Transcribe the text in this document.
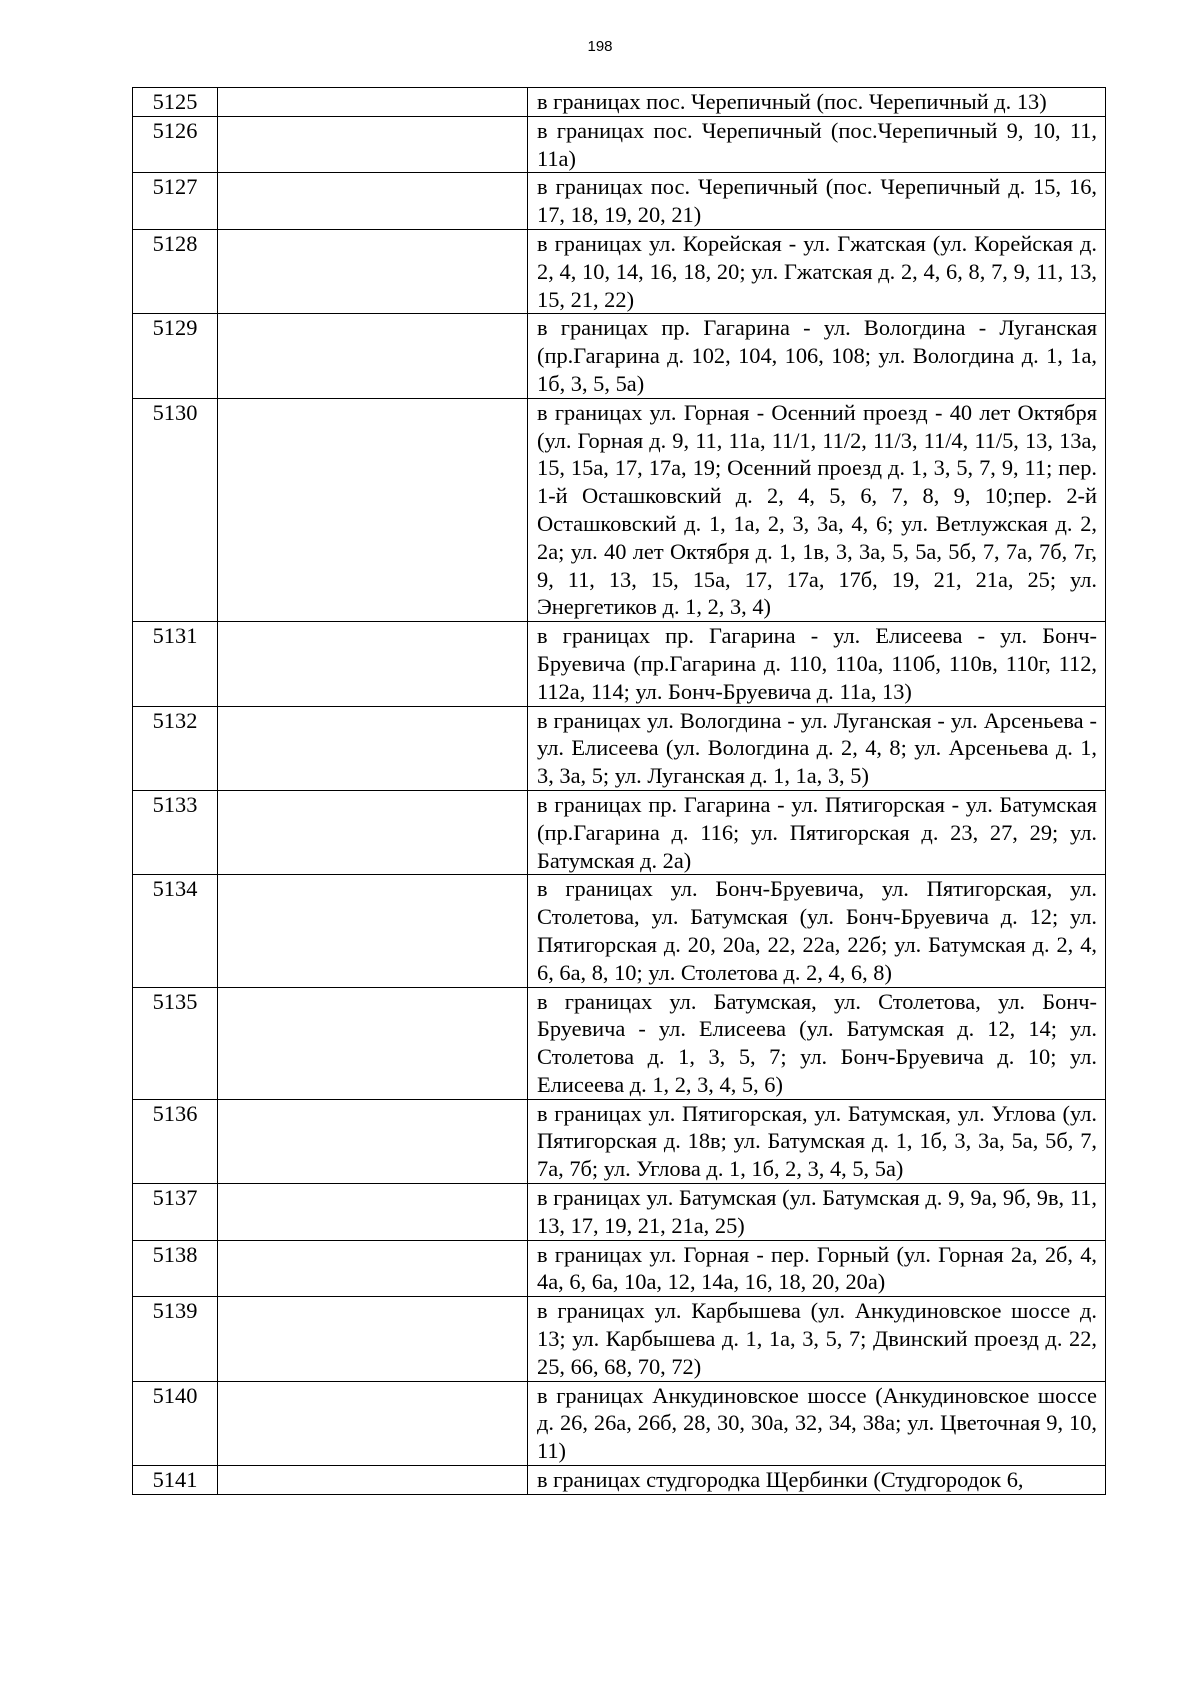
198
5125		в границах пос. Черепичный (пос. Черепичный д. 13)
5126		в границах пос. Черепичный (пос.Черепичный 9, 10, 11, 11а)
5127		в границах пос. Черепичный (пос. Черепичный д. 15, 16, 17, 18, 19, 20, 21)
5128		в границах ул. Корейская - ул. Гжатская (ул. Корейская д. 2, 4, 10, 14, 16, 18, 20; ул. Гжатская д. 2, 4, 6, 8, 7, 9, 11, 13, 15, 21, 22)
5129		в границах пр. Гагарина - ул. Вологдина - Луганская (пр.Гагарина д. 102, 104, 106, 108; ул. Вологдина д. 1, 1а, 1б, 3, 5, 5а)
5130		в границах ул. Горная - Осенний проезд - 40 лет Октября (ул. Горная д. 9, 11, 11а, 11/1, 11/2, 11/3, 11/4, 11/5, 13, 13а, 15, 15а, 17, 17а, 19; Осенний проезд д. 1, 3, 5, 7, 9, 11; пер. 1-й Осташковский д. 2, 4, 5, 6, 7, 8, 9, 10;пер. 2-й Осташковский д. 1, 1а, 2, 3, 3а, 4, 6; ул. Ветлужская д. 2, 2а; ул. 40 лет Октября д. 1, 1в, 3, 3а, 5, 5а, 5б, 7, 7а, 7б, 7г, 9, 11, 13, 15, 15а, 17, 17а, 17б, 19, 21, 21а, 25; ул. Энергетиков д. 1, 2, 3, 4)
5131		в границах пр. Гагарина - ул. Елисеева - ул. Бонч-Бруевича (пр.Гагарина д. 110, 110а, 110б, 110в, 110г, 112, 112а, 114; ул. Бонч-Бруевича д. 11а, 13)
5132		в границах ул. Вологдина - ул. Луганская - ул. Арсеньева - ул. Елисеева (ул. Вологдина д. 2, 4, 8; ул. Арсеньева д. 1, 3, 3а, 5; ул. Луганская д. 1, 1а, 3, 5)
5133		в границах пр. Гагарина - ул. Пятигорская - ул. Батумская (пр.Гагарина д. 116; ул. Пятигорская д. 23, 27, 29; ул. Батумская д. 2а)
5134		в границах ул. Бонч-Бруевича, ул. Пятигорская, ул. Столетова, ул. Батумская (ул. Бонч-Бруевича д. 12; ул. Пятигорская д. 20, 20а, 22, 22а, 22б; ул. Батумская д. 2, 4, 6, 6а, 8, 10; ул. Столетова д. 2, 4, 6, 8)
5135		в границах ул. Батумская, ул. Столетова, ул. Бонч-Бруевича - ул. Елисеева (ул. Батумская д. 12, 14; ул. Столетова д. 1, 3, 5, 7; ул. Бонч-Бруевича д. 10; ул. Елисеева д. 1, 2, 3, 4, 5, 6)
5136		в границах ул. Пятигорская, ул. Батумская, ул. Углова (ул. Пятигорская д. 18в; ул. Батумская д. 1, 1б, 3, 3а, 5а, 5б, 7, 7а, 7б; ул. Углова д. 1, 1б, 2, 3, 4, 5, 5а)
5137		в границах ул. Батумская (ул. Батумская д. 9, 9а, 9б, 9в, 11, 13, 17, 19, 21, 21а, 25)
5138		в границах ул. Горная - пер. Горный (ул. Горная 2а, 2б, 4, 4а, 6, 6а, 10а, 12, 14а, 16, 18, 20, 20а)
5139		в границах ул. Карбышева (ул. Анкудиновское шоссе д. 13; ул. Карбышева д. 1, 1а, 3, 5, 7; Двинский проезд д. 22, 25, 66, 68, 70, 72)
5140		в границах Анкудиновское шоссе (Анкудиновское шоссе д. 26, 26а, 26б, 28, 30, 30а, 32, 34, 38а; ул. Цветочная 9, 10, 11)
5141		в границах студгородка Щербинки (Студгородок 6,
